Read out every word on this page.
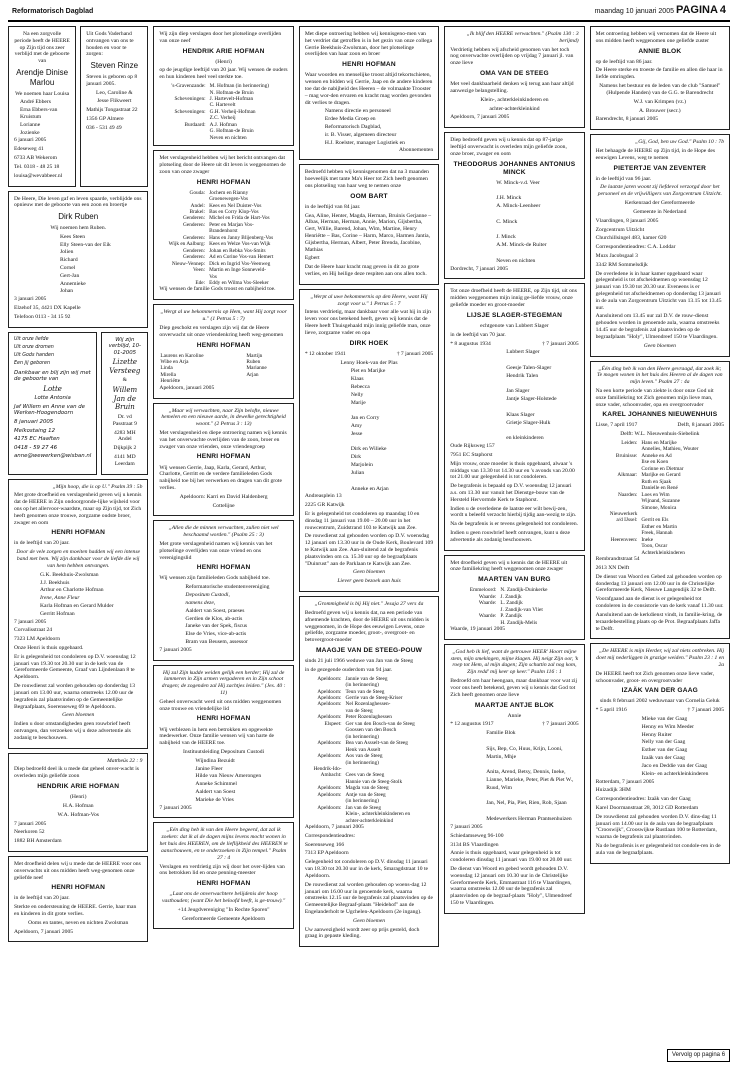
Reformatorisch Dagblad	maandag 10 januari 2005 PAGINA 4

Na een zorgvolle periode heeft de HEERE op Zijn tijd ons zeer verblijd met de geboorte van

Arendje Dinise Marlou

We noemen haar Louisa

André Ebbers

Erna Ebbers-van Kruistum

Lorianne

Jozienke

6 januari 2005

Edeseweg 41

6733 AB Wekerom

Tel. 0318 - 48 25 18

louisa@wevabbeer.nl

Uit Gods Vaderhand ontvangen van ons te houden en voor te zorgen:

Steven Rinze

Steven is geboren op 8 januari 2005.

Leo, Caroline &

Jesse Flikweert

Mathijs Tongastraat 22

1356 GP Almere

036 - 531 49 49

De Heere, Die leven gaf en leven spaarde, verblijdde ons opnieuw met de geboorte van een zoon en broertje

Dirk Ruben

Wij noemen hem Ruben.

Kees Steen

Elly Steen-van der Eik

Jolien

Richard

Cornel

Gert-Jan

Annemieke

Johan

3 januari 2005

Elzehof 35, 4421 DX Kapelle

Telefoon 0113 - 34 15 92

Uit onze liefde

Uit onze dromen

Uit Gods handen

Een jij geboren

Dankbaar en blij zijn wij met de geboorte van

Lotte

Lotte Antonia

Jaf Willem en Anne van de Werken-Hoogendoorn

8 januari 2005

Melkostaing 12

4175 EC Haaften

0418 - 59 27 46

anne@wewerken@wisban.nl

Wij zijn verblijd, 10-01-2005

Lizette Versteeg
&
Willem Jan de Bruin

Dr. vd Passtraat 9

4283 MH Andel

Dijkpijk 2

4141 MD Leerdam

„Mijn hoop, die is op U." Psalm 39 : 5b

Met grote droefheid en verslagenheid geven wij u kennis dat de HEERE in Zijn ondoorgronde-lijke wijsheid voor ons op het allervoor-waardste, maar op Zijn tijd, tot Zich heeft genomen onze trouwe, zorgzame oudste broer, zwager en oom

HENRI HOFMAN

in de leeftijd van 20 jaar.

Door de vele zorgen en moeiten hadden wij een intense band met hem. Wij zijn dankbaar voor de liefde die wij van hem hebben ontvangen.

G.K. Beekhuis-Zwolsman

J.J. Beekhuis

Arthur en Charlotte Hofman

Irene, Anne Fleur

Karla Hofman en Gerard Mulder

Gerritt Hofman

7 januari 2005

Corvalisstraat 24

7323 LM Apeldoorn

Onze Henri is thuis opgebaard.

Er is gelegenheid tot condoleren op D.V. woensdag 12 januari van 19.30 tot 20.30 uur in de kerk van de Gereformeerde Gemeente, Graaf van Lijndenlaan 8 te Apeldoorn.

De rouwdienst zal worden gehouden op donderdag 13 januari om 13.00 uur, waarna omstreeks 12.00 uur de begrafenis zal plaatsvinden op de Gemeentelijke Begraafplaats, Soerenseweg 69 te Apeldoorn.

Geen bloemen

Indien u door omstandigheden geen rouwbrief heeft ontvangen, dan verzoeken wij u deze advertentie als zodanig te beschouwen.

Mattheüs 22 : 9

Diep bedroefd deel ik u mede dat geheel onver-wacht is overleden mijn geliefde zoon

HENDRIK ARIE HOFMAN

(Henri)

H.A. Hofman

W.A. Hofman-Vos

7 januari 2005

Neerkoren 52

1882 BH Amsterdam

Met droefheid delen wij u mede dat de HEERE voor ons onverwachts uit ons midden heeft weg-genomen onze geliefde neef

HENRI HOFMAN

in de leeftijd van 20 jaar.

Sterkte en ondersteuning de HEERE. Gerrie, haar man en kinderen in dit grote verlies.

Ooms en tantes, neven en nichten Zwolsman

Apeldoorn, 7 januari 2005

Wij zijn diep verslagen door het plotselinge overlijden van onze neef

HENDRIK ARIE HOFMAN

(Henri)

op de jeugdige leeftijd van 20 jaar. Wij wensen de ouders en hun kinderen heel veel sterkte toe.

's-Gravenzande:	M. Hofman (in herinnering)
	N. Hofman-de Bruin
Scheveningen:	J. Hartevelt-Hofman
	C. Hartevelt
Scheveningen:	G.H. Verheij-Hofman
	Z.C. Verheij
Burdaard:	A.J. Hofman
	G. Hofman-de Bruin
	Neven en nichten

Met verslagenheid hebben wij het bericht ontvangen dat plotseling door de Heere uit dit leven is weggenomen de zoon van onze zwager

HENRI HOFMAN
Gouda:	Jochem en Rianny
	Groenewegen-Vos
Andel:	Kees en Nel Duister-Vos
Brakel:	Bas en Corry Klop-Vos
Genderen:	Michel en Frida de Hart-Vos
Genderen:	Peter en Marjan Vos-
	Brandenhorst
Genderen:	Hans en Janny Blijenberg-Vos
Wijk en Aalburg:	Kees en Welze Vos-van Wijk
Genderen:	Johan en Rebka Vos-Smits
Genderen:	Ad en Corine Vos-van Hemert
Nieuw-Vennep:	Dick en Ingrid Vos-Veenweg
Veen:	Martin en Inge Sonneveld-
	Vos
Ede:	Eddy en Wilma Vos-Sleeker

Wij wensen de familie Gods troost en nabijheid toe.

„Wergt al uw bekommernis op Hem, want Hij zorgt voor u." (1 Petrus 5 : 7)

Diep geschokt en verslagen zijn wij dat de Heere onverwacht uit onze vriendenkring heeft weg-genomen

HENRI HOFMAN
Laurens en Karoline	Martijn
Wibe en Arja	Ruben
Linda	Marianne
Mirella	Arjan
Henriëtte	

Apeldoorn, januari 2005

„Maar wij verwachten, naar Zijn belofte, nieuwe hemelen en een nieuwe aarde, in dewelke gerechtigheid woont." (2 Petrus 3 : 13)

Met verslagenheid en diepe ontroering namen wij kennis van het onverwachte overlijden van de zoon, broer en zwager van onze vrienden, onze vriendengroep

HENRI HOFMAN

Wij wensen Gerrie, Jaap, Karla, Gerard, Arthur, Charlotte, Gerritt en de verdere familieleden Gods nabijheid toe bij het verwerken en dragen van dit grote verlies.

Apeldoorn: Karri en David Haldenberg

Cottelijne

„Allen die de minnen verwachten, zullen niet wel beschaamd worden." (Psalm 25 : 3)

Met grote verslagenheid namen wij kennis van het plotselinge overlijden van onze vriend en ons verenigingslid

HENRI HOFMAN

Wij wensen zijn familieleden Gods nabijheid toe.

Reformatorische studentenvereniging

Depositum Custodi,

namens deze,

Aaldert van Soest, praeses

Gerdien de Klos, ab-actis

Janeke van der Spek, fiscus

Else de Vries, vice-ab-actis

Bram van Beusem, assessor

7 januari 2005

Hij zal Zijn kudde weiden gelijk een herder; Hij zal de lammeren in Zijn armen vergaderen en in Zijn schoot dragen; de zogenden zal Hij zachtjes leiden." (Jes. 40 : 11)

Geheel onverwacht werd uit ons midden weggenomen onze trouwe en vriendelijke lid

HENRI HOFMAN

Wij verblezen in hem een betrokken en opgewekte medewerker. Onze familie wensen wij van harte de nabijheid van de HEERE toe.

Instituutsleiding Depositum Custodi

Wijndina Bezuidt

Janine Fleer

Hilde van Nieuw Amerongen

Anneke Schimmel

Aaldert van Soest

Marieke de Vries

7 januari 2005

„Eén ding heb ik van den Heere begeerd, dat zal ik zoeken: dat ik al de dagen mijns levens mocht wonen in het huis des HEEREN, om de lieflijkheid des HEEREN te aanschouwen, en te onderzoeken in Zijn tempel." Psalm 27 : 4

Verslagen en verdrietig zijn wij door het over-lijden van ons betrokken lid en onze penning-meester

HENRI HOFMAN

„Laat ons de onverwachtere belijdenis der hoop vasthouden; (want Die het beloofd heeft, is ge-trouw)."

+14 Jeugdvereniging "In Rechte Sporen"

Gereformeerde Gemeente Apeldoorn

Met diepe ontroering hebben wij kennisgeno-men van het verdriet dat getroffen is in het gezin van onze collega Gerrie Beekhuis-Zwolsman, door het plotselinge overlijden van haar zoon en broer

HENRI HOFMAN

Waar woorden en menselijke troost altijd tekortschieten, wensen en bidden wij Gerrie, Jaap en de andere kinderen toe dat de nabijheid des Heeren – de volmaakte Trooster – mag wor-den ervaren en kracht mag worden gevonden dit verlies te dragen.

Namens directie en personeel

Erdee Media Groep en

Reformatorisch Dagblad,

ir. B. Visser, algemeen directeur

H.J. Roelster, manager Logistiek en

Abonnementen

Bedroefd hebben wij kennisgenomen dat na 3 maanden hoeveelijk met tante Ma's Heer tot Zich heeft genomen ons plotseling van haar weg te nemen onze

OOM BART

in de leeftijd van 84 jaar.

Gea, Aline, Henter, Magda, Herman, Bruinis Gerjanne – Albas, Herman, Herman, Annie, Marion, Gijsbertha, Gert, Willie, Barend, Johan, Wim, Martine, Henry Henriëtte – Bas, Corine – Harm, Marco, Harmen Jantia, Gijsbertha, Herman, Albert, Peter Brenda, Jacobine, Mathias

Egbert

Dat de Heere haar kracht mag geven in dit zo grote verlies, en Hij heilige deze respiten aan ons allen toch.

„Werpt al uwe bekommernis op den Heere, want Hij zorgt voor u." 1 Petrus 5 : 7

Intens verdrietig, maar dankbaar voor alle wat hij in zijn leven voor ons betekend heeft, geven wij kennis dat de Heere heeft Thuisgehaald mijn innig geliefde man, onze lieve, zorgzame vader en opa

DIRK HOEK

* 12 oktober 1941	† 7 januari 2005

Lenny Hoek-van der Plas

Piet en Marijke

Klaas

Rebecca

Nelly

Marije

Jan en Corry

Amy

Jesse

Dirk en Wilieke

Dirk

Marjolein

Julian

Anneke en Arjan

Andreasplein 13

2225 GR Katwijk

Er is gelegenheid tot condoleren op maandag 10 en dinsdag 11 januari van 19.00 – 20.00 uur in het rouwcentrum, Zuidstrand 103 te Katwijk aan Zee.

De rouwdienst zal gehouden worden op D.V. woensdag 12 januari om 13.30 uur in de Oude Kerk, Boulevard 109 te Katwijk aan Zee. Aan-sluitend zal de begrafenis plaatsvinden om ca. 15.30 uur op de begraafplaats "Duinrust" aan de Parklaan te Katwijk aan Zee.

Geen bloemen

Liever geen bezoek aan huis

„Grommigheid is bij Hij niet." Jesaja 27 vers 4a

Bedroefd geven wij u kennis dat, na een periode van afnemende krachten, door de HEERE uit ons midden is weggenomen, in de Hope des eeuwigen Levens, onze geliefde, zorgzame moeder, groot-, overgroot- en betovergroot-moeder

MAAGJE VAN DE STEEG-POUW

sinds 21 juli 1966 weduwe van Jan van de Steeg

in de gezegende ouderdom van 94 jaar.

Apeldoorn:	Jannie van de Steeg
	(in herinnering)
Apeldoorn:	Teun van de Steeg
Apeldoorn:	Gerrie van de Steeg-Kriser
Apeldoorn:	Nel Rozenlaghessen-
	van de Steeg
Apeldoorn:	Peter Rozenlaghessen
Elspeet:	Ger van den Bosch-van de Steeg
	Goossen van den Bosch
	(in herinnering)
Apeldoorn:	Bea van Assselt-van de Steeg
	Henk van Asselt
Apeldoorn:	Aos van de Steeg
	(in herinnering)
Hendrik-Ido-	
Ambacht:	Cees van de Steeg
	Hannie van de Steeg-Stolk
Apeldoorn:	Magda van de Steeg
Apeldoorn:	Antje van de Steeg
	(in herinnering)
Apeldoorn:	Jan van de Steeg
	Klein-, achterkleinkinderen en
	achter-achterkleinkind

Apeldoorn, 7 januari 2005

Correspondentieadres:

Soerenseweg 166

7313 EP Apeldoorn

Gelegenheid tot condoleren op D.V. dinsdag 11 januari van 18.30 tot 20.30 uur in de kerk, Smaragdstraat 10 te Apeldoorn.

De rouwdienst zal worden gehouden op woens-dag 12 januari om 16.00 uur in genoemde kerk, waarna omstreeks 12.15 uur de begrafenis zal plaatsvinden op de Gemeentelijke Begraaf-plaats "Heidehof" aan de Engelanderholt te Ugchelen-Apeldoorn (2e ingang).

Geen bloemen

Uw aanwezigheid wordt zeer op prijs gesteld, doch graag in gepaste kleding.

„Ik blijf den HEERE verwachten." (Psalm 130 : 3 berijmd)

Verdrietig hebben wij afscheid genomen van het toch nog onverwachte overlijden op vrijdag 7 januari jl. van onze lieve

OMA VAN DE STEEG

Met veel dankbaarheid denken wij terug aan haar altijd aanwezige belangstelling.

Klein-, achterkleinkinderen en

achter-achterkleinkind

Apeldoorn, 7 januari 2005

Diep bedroefd geven wij u kennis dat op 87-jarige leeftijd onverwacht is overleden mijn geliefde zoon, onze broer, zwager en oom

THEODORUS JOHANNES ANTONIUS MINCK

W. Minck-v.d. Veer

J.H. Minck

A. Minck-Leenheer

C. Minck

J. Minck

A.M. Minck-de Ruiter

Neven en nichten

Dordrecht, 7 januari 2005

Tot onze droefheid heeft de HEERE, op Zijn tijd, uit ons midden weggenomen mijn innig ge-liefde vrouw, onze geliefde moeder en groot-moeder

LIJSJE SLAGER-STEGEMAN

echtgenote van Lubbert Slager

in de leeftijd van 70 jaar.

* 8 augustus 1934	† 7 januari 2005

Lubbert Slager

Geesje Talen-Slager

Hendrik Talen

Jan Slager

Jantje Slager-Holstede

Klaas Slager

Grietje Slager-Hulk

en kleinkinderen

Oude Rijksweg 157

7951 EC Staphorst

Mijn vrouw, onze moeder is thuis opgebaard, alwaar 's middags van 13.30 tot 14.30 uur en 's avonds van 20.00 tot 21.00 uur gelegenheid is tot condoleren.

De begrafenis is bepaald op D.V. woensdag 12 januari a.s. om 13.30 uur vanuit het Dienstge-bouw van de Hersteld Hervormde Kerk te Staphorst.

Indien u de overledene de laatste eer wilt bewij-zen, wordt u beleefd verzocht hierbij tijdig aan-wezig te zijn.

Na de begrafenis is er tevens gelegenheid tot condoleren.

Indien u geen rouwbrief heeft ontvangen, kunt u deze advertentie als zodanig beschouwen.

Met droefheid geven wij u kennis dat de HEERE uit onze familiekring heeft weggenomen onze zwager

MAARTEN VAN BURG
Emmeloord:	N. Zandijk-Duinkerke
Waarde:	J. Zandijk
Waarde:	L. Zandijk
	J. Zandijk-van Vliet
Waarde:	P. Zandijk
	H. Zandijk-Melis

Waarde, 19 januari 2005

„God heb ik lief, want de getrouwe HEER' Hoort mijne stem, mijn smekingen, mijne klagen. Hij neigt Zijn oor, 'k roep tot Hem, al mijn dagen; Zijn schuttin zal nog kom, Zijn redd' mij keer op keer." Psalm 116 : 1

Bedroefd om haar heengaan, maar dankbaar voor wat zij voor ons heeft betekend, geven wij u kennis dat God tot Zich heeft genomen onze lieve

MAARTJE ANTJE BLOK

Annie

* 12 augustus 1917	† 7 januari 2005

Familie Blok

Sijs, Bep, Co, Huus, Krijn, Looni,

Martin, Mhje

Anita, Arend, Betsy, Dennis, Ineke,

Lianne, Marieke, Peter, Piet & Piet W.,

Ruud, Wim

Jan, Nel, Pia, Piet, Rien, Rob, Sjaan

Medewerkers Herman Prantsenhuizen

7 januari 2005

Schiedamseweg 96-100

3134 BS Vlaardingen

Annie is thuis opgebaard, waar gelegenheid is tot condoleren dinsdag 11 januari van 19.00 tot 20.00 uur.

De dienst van Woord en gebed wordt gehouden D.V. woensdag 12 januari om 10.30 uur in de Christelijke Gereformeerde Kerk, Emmastraat 116 te Vlaardingen, waarna omstreeks 12.00 uur de begrafenis zal plaatsvinden op de begraaf-plaats "Holy", Ulmendreef 150 te Vlaardingen.

Met ontroering hebben wij vernomen dat de Heere uit ons midden heeft weggenomen one geliefde zuster

ANNIE BLOK

op de leeftijd van 86 jaar.

De Heere sterke en troeste de familie en allen die haar in liefde omringden.

Namens het bestuur en de leden van de club "Samuel" (Hulpende Handen) van de G.G. te Barendrecht

W.J. van Krimpen (vz.)

A. Brouwer (secr.)

Barendrecht, 8 januari 2005

„Gij, God, ben uw God." Psalm 10 : 7b

Het behaagde de HEERE op Zijn tijd, in de Hope des eeuwigen Levens, weg te nemen

PIETERTJE VAN ZEVENTER

in de leeftijd van 96 jaar.

De laatste jaren woont zij liefdevol verzorgd door het personeel en de vrijwilligers van Zorgcentrum Uitzicht.

Kerkenraad der Gereformeerde

Gemeente in Nederland

Vlaardingen, 8 januari 2005

Zorgcentrum Uitzicht

Churchillsingel 483, kamer 620

Correspondentieadres: C.A. Loddar

Muzs Jacobsgaal 3

3342 RM Sommelsdijk

De overledene is in haar kamer opgebaard waar gelegenheid is tot afscheidnemen op woensdag 12 januari van 19.30 tot 20.30 uur. Eveneens is er gelegenheid tot afscheidnemen op donderdag 13 januari in de aula van Zorgcentrum Uitzicht van 13.15 tot 13.45 uur.

Aansluitend om 13.45 uur zal D.V. de rouw-dienst gehouden worden in genoemde aula, waarna omstreeks 14.45 uur de begrafenis zal plaatsvinden op de begraafplaats "Holy", Ulmendreef 150 te Vlaardingen.

Geen bloemen

„Één ding heb ik van den Heere gevraagd, dat zoek ik; Te mogen wonen in het huis des Heeren al de dagen van mijn leven." Psalm 27 : 4a

Na een korte periode van ziekte is door onze God uit onze familiekring tot Zich genomen mijn lieve man, onze vader, schoonvader, opa en overgrootvader

KAREL JOHANNES NIEUWENHUIS

Lisse, 7 april 1917	Delft, 8 januari 2005

Delft: W.L. Nieuwenhuis-Siebelink

Leiden:	Hans en Marijke
	Annelies, Mathieu, Wouter
Bruinisse:	Anneke en Ad
	Ilse en Koen
	Corinne en Dietmar
Alkmaar:	Marijke en Gerard
	Ruth en Sjaak
	Danielle en René
Naarden:	Loes en Wim
	Wijnand, Suzanne
	Simone, Monica
Nieuwerkerk	
a/d IJssel:	Gerrit en Els
	Esther en Martin
	Freek, Hannah
Heerenveen:	Ineke
	Toon, Oscar

	Achterkleinkinderen

Rembrandtstraat 54

2613 XN Delft

De dienst van Woord en Gebed zal gehouden worden op donderdag 13 januari om 12.00 uur in de Christelijke Gereformeerde Kerk, Nieuwe Langendijk 32 te Delft.

Voorafgaand aan de dienst is er gelegenheid tot condoleren in de consistorie van de kerk vanaf 11.30 uur.

Aansluitend aan de kerkdienst vindt, in familie-kring, de teraardebestelling plaats op de Prot. Begraafplaats Jaffa te Delft.

„De HEERE is mijn Herder, wij zal niets ontbreken. Hij doet mij nederliggen in grazige weiden." Psalm 23 : 1 en 2a

De HEERE heeft tot Zich genomen onze lieve vader, schoonvader, groot- en overgrootvader

IZAÄK VAN DER GAAG

sinds 8 februari 2002 weduwnaar van Cornelia Geluk

* 5 april 1916	† 7 januari 2005

Mieke van der Gaag

Henny en Wim Meeder

Henny Ruiter

Nelly van der Gaag

Esther van der Gaag

Izaäk van der Gaag

Jaco en Deddie van der Gaag

Klein- en achterkleinkinderen

Rotterdam, 7 januari 2005

Huizadijk 3HM

Correspondentieadres: Izaäk van der Gaag

Karel Doormanstraat 28, 3012 GD Rotterdam

De rouwdienst zal gehouden worden D.V. dins-dag 11 januari om 14.00 uur in de aula van de begraafplaats "Crooswijk", Crooswijkse Rustlaan 100 te Rotterdam, waarna de begrafenis zal plaatsvinden.

Na de begrafenis is er gelegenheid tot condole-ren in de aula van de begraafplaats.

Vervolg op pagina 6
